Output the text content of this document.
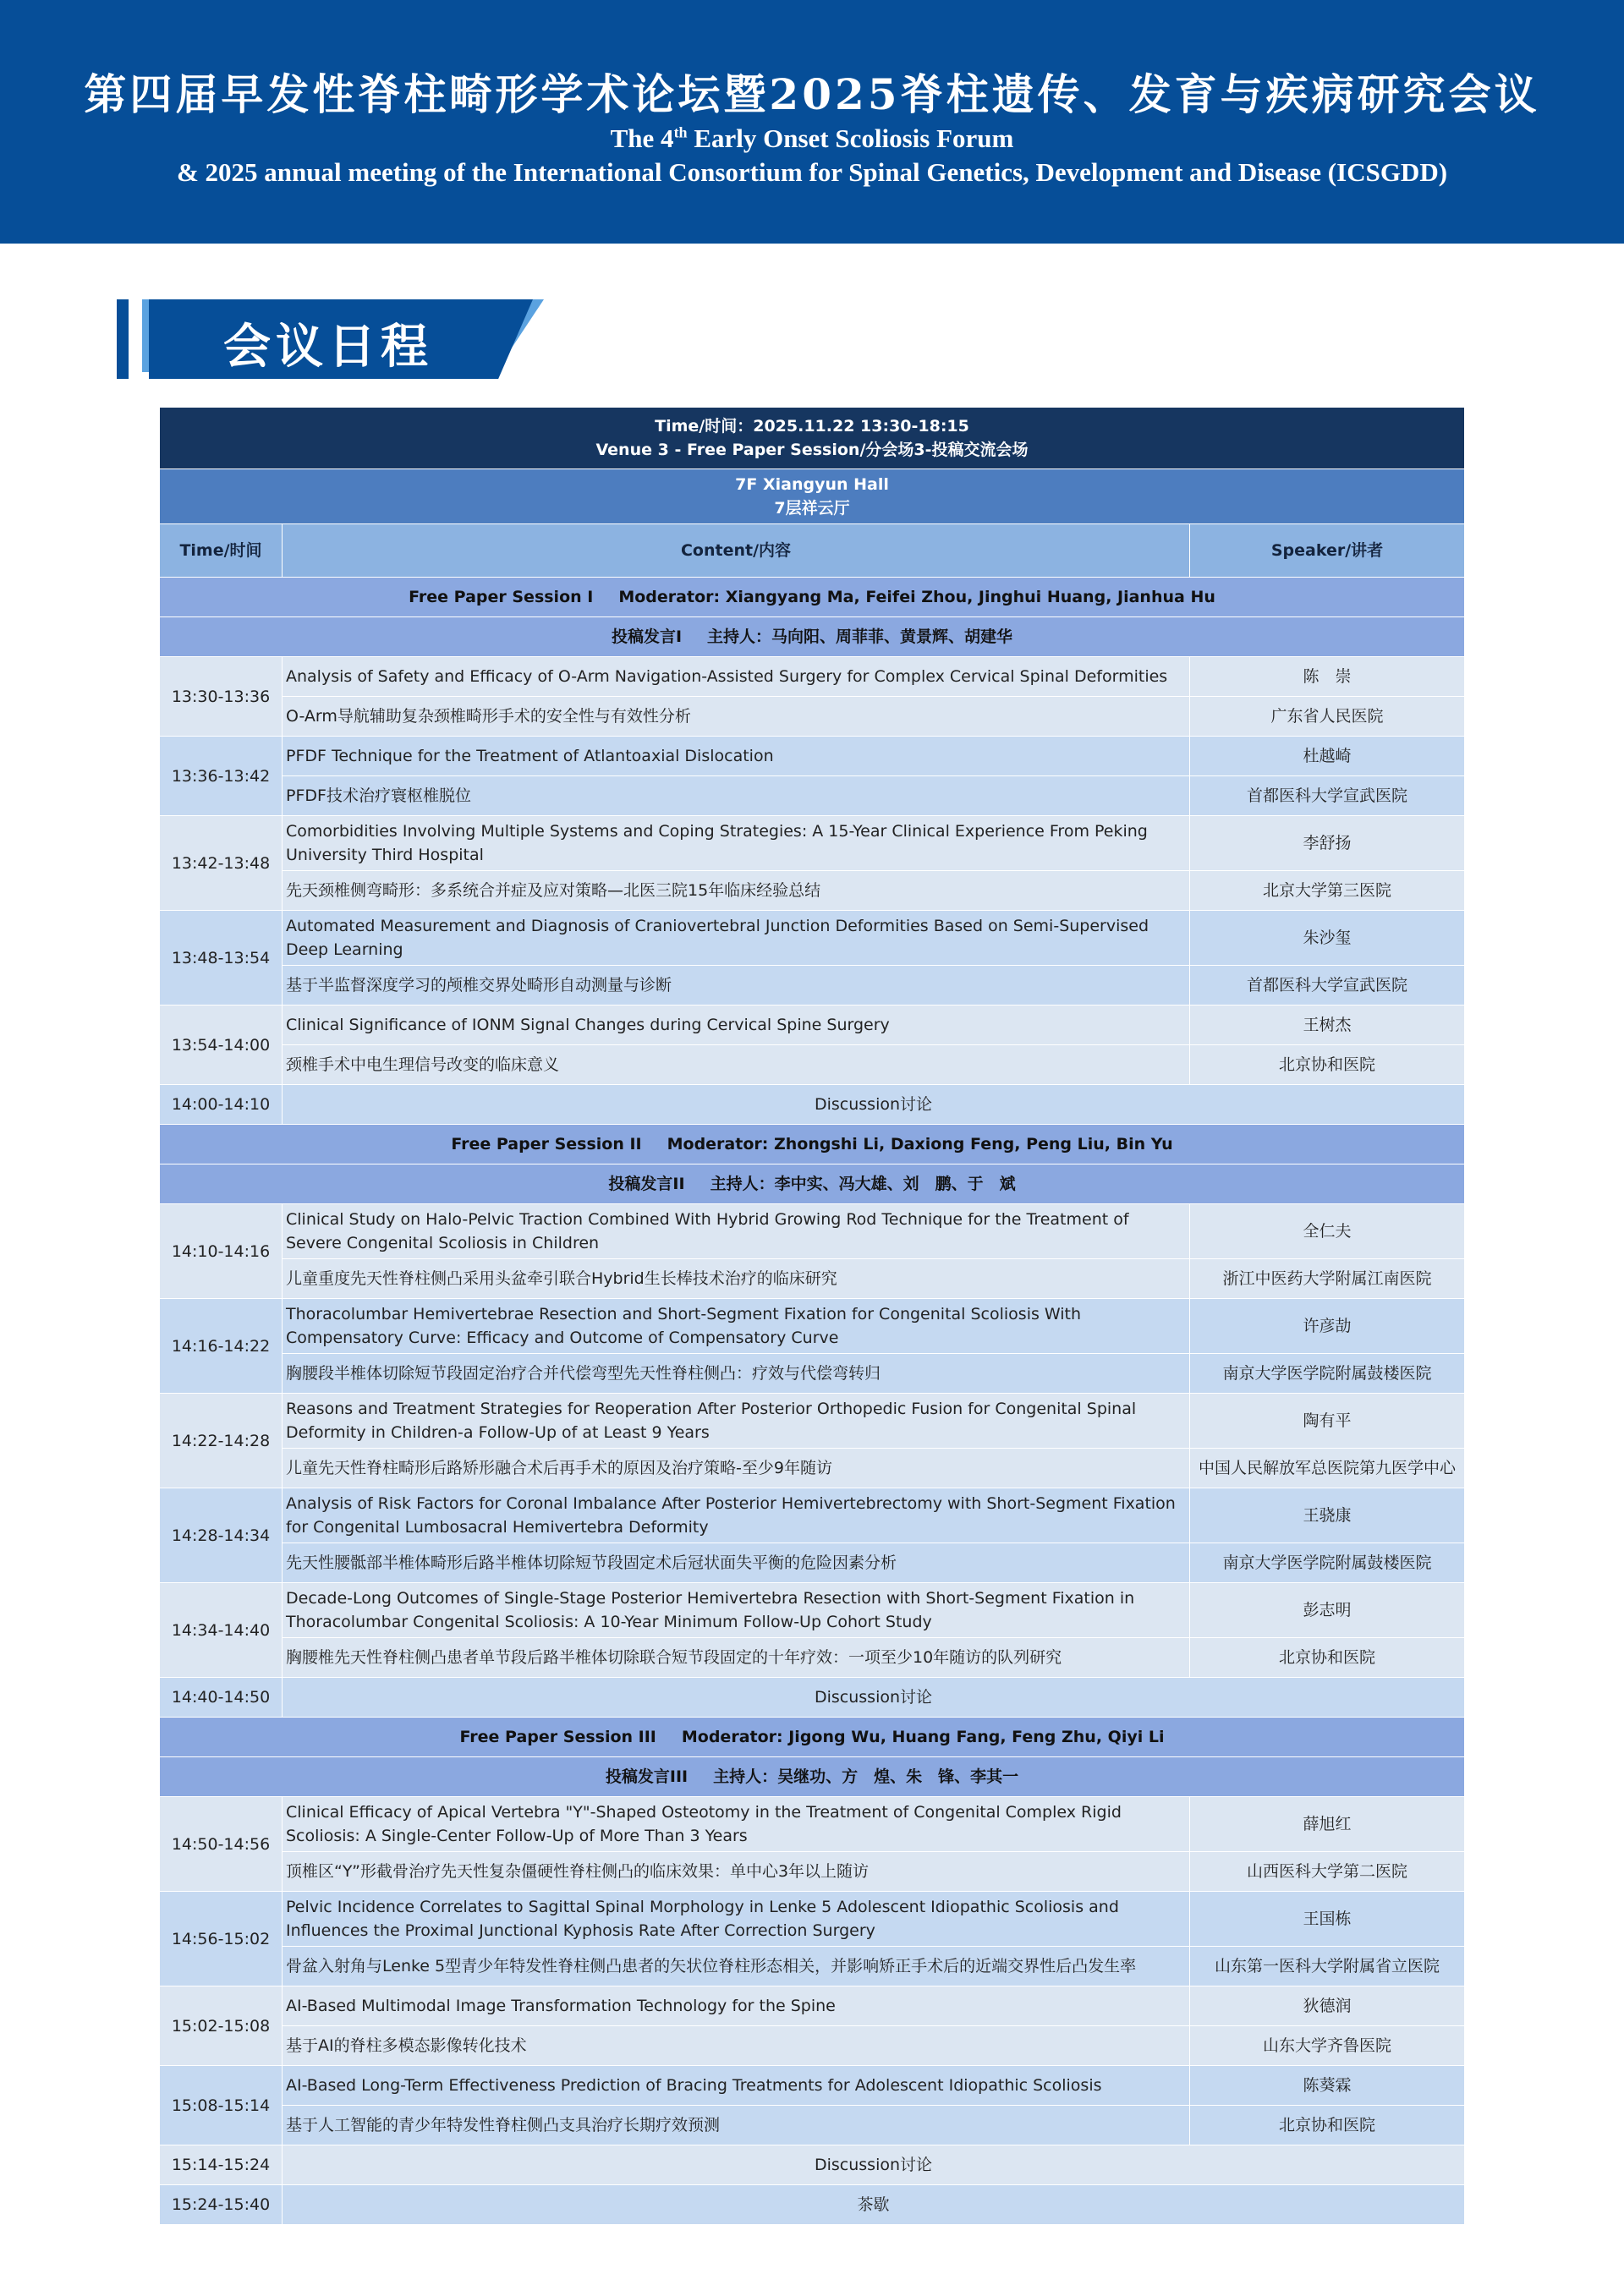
第四届早发性脊柱畸形学术论坛暨2025脊柱遗传、发育与疾病研究会议
The 4th Early Onset Scoliosis Forum
& 2025 annual meeting of the International Consortium for Spinal Genetics, Development and Disease (ICSGDD)
会议日程
Time/时间：2025.11.22 13:30-18:15
Venue 3 - Free Paper Session/分会场3-投稿交流会场		

7F Xiangyun Hall
7层祥云厅		

Time/时间	Content/内容	Speaker/讲者
Free Paper Session I Moderator: Xiangyang Ma, Feifei Zhou, Jinghui Huang, Jianhua Hu		
投稿发言I 主持人：马向阳、周菲菲、黄景辉、胡建华		
13:30-13:36	Analysis of Safety and Efficacy of O-Arm Navigation-Assisted Surgery for Complex Cervical Spinal Deformities	陈　崇
	O-Arm导航辅助复杂颈椎畸形手术的安全性与有效性分析	广东省人民医院
13:36-13:42	PFDF Technique for the Treatment of Atlantoaxial Dislocation	杜越崎
	PFDF技术治疗寰枢椎脱位	首都医科大学宣武医院
13:42-13:48	Comorbidities Involving Multiple Systems and Coping Strategies: A 15-Year Clinical Experience From Peking University Third Hospital	李舒扬
	先天颈椎侧弯畸形：多系统合并症及应对策略—北医三院15年临床经验总结	北京大学第三医院
13:48-13:54	Automated Measurement and Diagnosis of Craniovertebral Junction Deformities Based on Semi-Supervised Deep Learning	朱沙玺
	基于半监督深度学习的颅椎交界处畸形自动测量与诊断	首都医科大学宣武医院
13:54-14:00	Clinical Significance of IONM Signal Changes during Cervical Spine Surgery	王树杰
	颈椎手术中电生理信号改变的临床意义	北京协和医院
14:00-14:10	Discussion讨论	
Free Paper Session II Moderator: Zhongshi Li, Daxiong Feng, Peng Liu, Bin Yu		
投稿发言II 主持人：李中实、冯大雄、刘　鹏、于　斌		
14:10-14:16	Clinical Study on Halo-Pelvic Traction Combined With Hybrid Growing Rod Technique for the Treatment of Severe Congenital Scoliosis in Children	全仁夫
	儿童重度先天性脊柱侧凸采用头盆牵引联合Hybrid生长棒技术治疗的临床研究	浙江中医药大学附属江南医院
14:16-14:22	Thoracolumbar Hemivertebrae Resection and Short-Segment Fixation for Congenital Scoliosis With Compensatory Curve: Efficacy and Outcome of Compensatory Curve	许彦劼
	胸腰段半椎体切除短节段固定治疗合并代偿弯型先天性脊柱侧凸：疗效与代偿弯转归	南京大学医学院附属鼓楼医院
14:22-14:28	Reasons and Treatment Strategies for Reoperation After Posterior Orthopedic Fusion for Congenital Spinal Deformity in Children-a Follow-Up of at Least 9 Years	陶有平
	儿童先天性脊柱畸形后路矫形融合术后再手术的原因及治疗策略-至少9年随访	中国人民解放军总医院第九医学中心
14:28-14:34	Analysis of Risk Factors for Coronal Imbalance After Posterior Hemivertebrectomy with Short-Segment Fixation for Congenital Lumbosacral Hemivertebra Deformity	王骁康
	先天性腰骶部半椎体畸形后路半椎体切除短节段固定术后冠状面失平衡的危险因素分析	南京大学医学院附属鼓楼医院
14:34-14:40	Decade-Long Outcomes of Single-Stage Posterior Hemivertebra Resection with Short-Segment Fixation in Thoracolumbar Congenital Scoliosis: A 10-Year Minimum Follow-Up Cohort Study	彭志明
	胸腰椎先天性脊柱侧凸患者单节段后路半椎体切除联合短节段固定的十年疗效：一项至少10年随访的队列研究	北京协和医院
14:40-14:50	Discussion讨论	
Free Paper Session III Moderator: Jigong Wu, Huang Fang, Feng Zhu, Qiyi Li		
投稿发言III 主持人：吴继功、方　煌、朱　锋、李其一		
14:50-14:56	Clinical Efficacy of Apical Vertebra "Y"-Shaped Osteotomy in the Treatment of Congenital Complex Rigid Scoliosis: A Single-Center Follow-Up of More Than 3 Years	薛旭红
	顶椎区“Y”形截骨治疗先天性复杂僵硬性脊柱侧凸的临床效果：单中心3年以上随访	山西医科大学第二医院
14:56-15:02	Pelvic Incidence Correlates to Sagittal Spinal Morphology in Lenke 5 Adolescent Idiopathic Scoliosis and Influences the Proximal Junctional Kyphosis Rate After Correction Surgery	王国栋
	骨盆入射角与Lenke 5型青少年特发性脊柱侧凸患者的矢状位脊柱形态相关，并影响矫正手术后的近端交界性后凸发生率	山东第一医科大学附属省立医院
15:02-15:08	AI-Based Multimodal Image Transformation Technology for the Spine	狄德润
	基于AI的脊柱多模态影像转化技术	山东大学齐鲁医院
15:08-15:14	AI-Based Long-Term Effectiveness Prediction of Bracing Treatments for Adolescent Idiopathic Scoliosis	陈葵霖
	基于人工智能的青少年特发性脊柱侧凸支具治疗长期疗效预测	北京协和医院
15:14-15:24	Discussion讨论	
15:24-15:40	茶歇	
